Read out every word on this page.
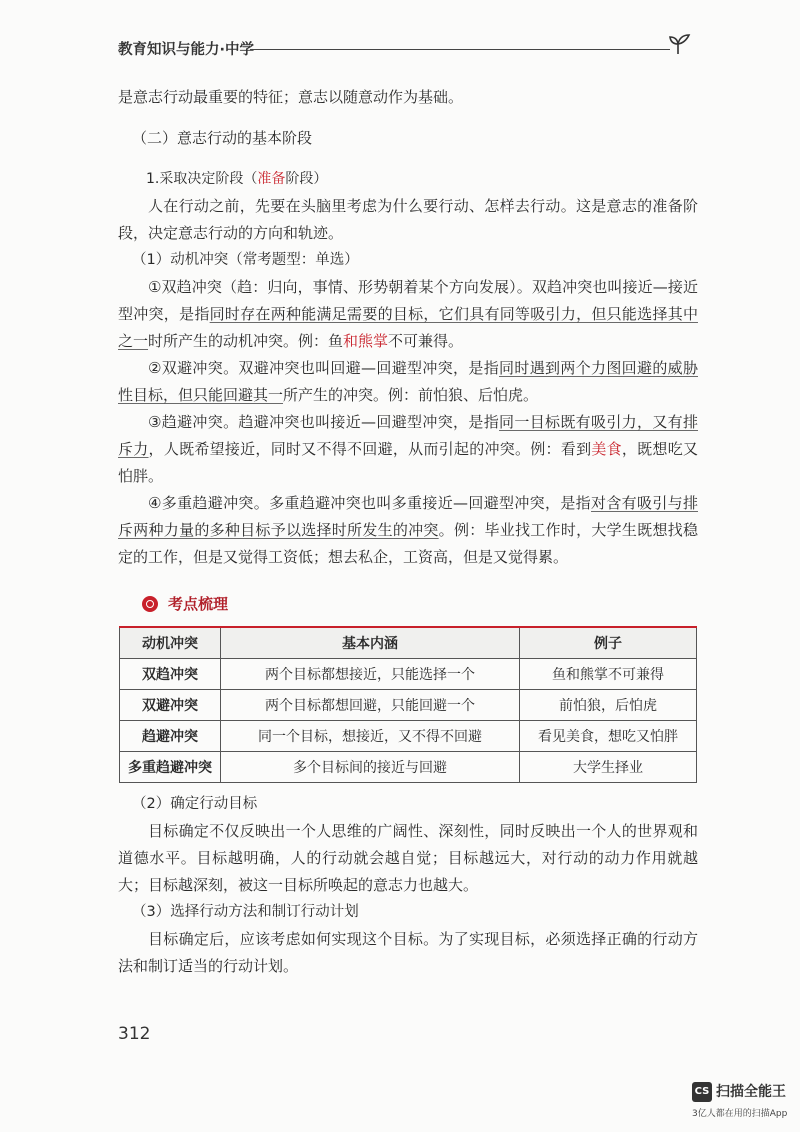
教育知识与能力·中学

是意志行动最重要的特征；意志以随意动作为基础。

（二）意志行动的基本阶段

1.采取决定阶段（准备阶段）

人在行动之前，先要在头脑里考虑为什么要行动、怎样去行动。这是意志的准备阶段，决定意志行动的方向和轨迹。

（1）动机冲突（常考题型：单选）

①双趋冲突（趋：归向，事情、形势朝着某个方向发展）。双趋冲突也叫接近—接近型冲突，是指同时存在两种能满足需要的目标，它们具有同等吸引力，但只能选择其中之一时所产生的动机冲突。例：鱼和熊掌不可兼得。

②双避冲突。双避冲突也叫回避—回避型冲突，是指同时遇到两个力图回避的威胁性目标，但只能回避其一所产生的冲突。例：前怕狼、后怕虎。

③趋避冲突。趋避冲突也叫接近—回避型冲突，是指同一目标既有吸引力，又有排斥力，人既希望接近，同时又不得不回避，从而引起的冲突。例：看到美食，既想吃又怕胖。

④多重趋避冲突。多重趋避冲突也叫多重接近—回避型冲突，是指对含有吸引与排斥两种力量的多种目标予以选择时所发生的冲突。例：毕业找工作时，大学生既想找稳定的工作，但是又觉得工资低；想去私企，工资高，但是又觉得累。

考点梳理
动机冲突	基本内涵	例子
双趋冲突	两个目标都想接近，只能选择一个	鱼和熊掌不可兼得
双避冲突	两个目标都想回避，只能回避一个	前怕狼，后怕虎
趋避冲突	同一个目标，想接近，又不得不回避	看见美食，想吃又怕胖
多重趋避冲突	多个目标间的接近与回避	大学生择业

（2）确定行动目标

目标确定不仅反映出一个人思维的广阔性、深刻性，同时反映出一个人的世界观和道德水平。目标越明确，人的行动就会越自觉；目标越远大，对行动的动力作用就越大；目标越深刻，被这一目标所唤起的意志力也越大。

（3）选择行动方法和制订行动计划

目标确定后，应该考虑如何实现这个目标。为了实现目标，必须选择正确的行动方法和制订适当的行动计划。

312
CS 扫描全能王
3亿人都在用的扫描App
